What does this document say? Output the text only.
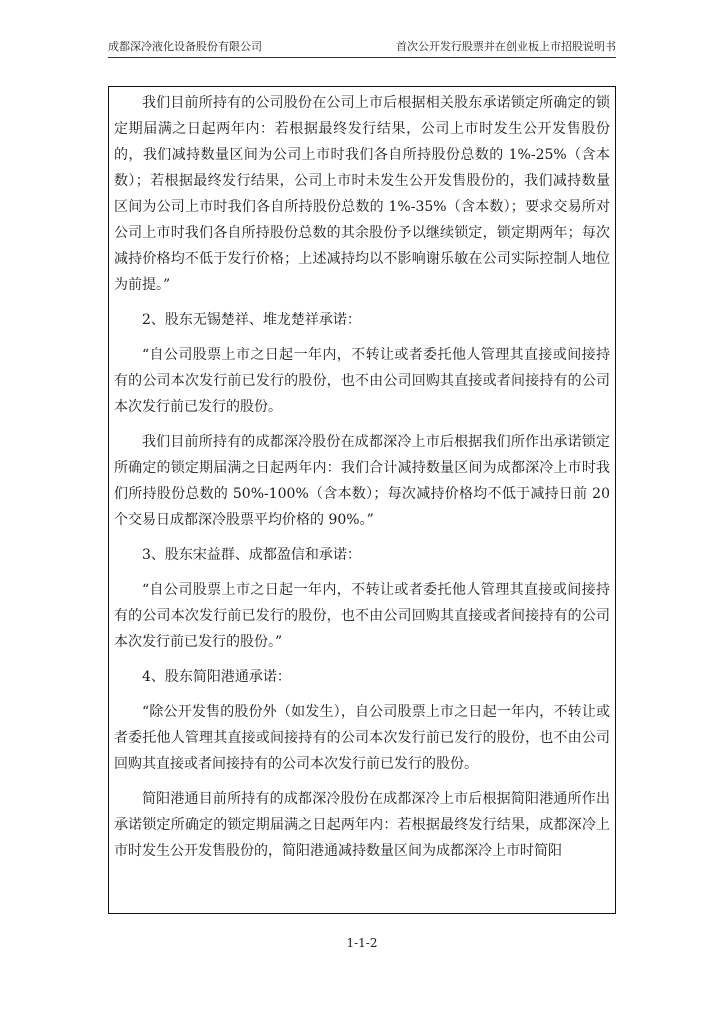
成都深冷液化设备股份有限公司	首次公开发行股票并在创业板上市招股说明书

我们目前所持有的公司股份在公司上市后根据相关股东承诺锁定所确定的锁定期届满之日起两年内：若根据最终发行结果，公司上市时发生公开发售股份的，我们减持数量区间为公司上市时我们各自所持股份总数的 1%-25%（含本数）；若根据最终发行结果，公司上市时未发生公开发售股份的，我们减持数量区间为公司上市时我们各自所持股份总数的 1%-35%（含本数）；要求交易所对公司上市时我们各自所持股份总数的其余股份予以继续锁定，锁定期两年；每次减持价格均不低于发行价格；上述减持均以不影响谢乐敏在公司实际控制人地位为前提。”

2、股东无锡楚祥、堆龙楚祥承诺：

“自公司股票上市之日起一年内，不转让或者委托他人管理其直接或间接持有的公司本次发行前已发行的股份，也不由公司回购其直接或者间接持有的公司本次发行前已发行的股份。

我们目前所持有的成都深冷股份在成都深冷上市后根据我们所作出承诺锁定所确定的锁定期届满之日起两年内：我们合计减持数量区间为成都深冷上市时我们所持股份总数的 50%-100%（含本数）；每次减持价格均不低于减持日前 20 个交易日成都深冷股票平均价格的 90%。”

3、股东宋益群、成都盈信和承诺：

“自公司股票上市之日起一年内，不转让或者委托他人管理其直接或间接持有的公司本次发行前已发行的股份，也不由公司回购其直接或者间接持有的公司本次发行前已发行的股份。”

4、股东简阳港通承诺：

“除公开发售的股份外（如发生），自公司股票上市之日起一年内，不转让或者委托他人管理其直接或间接持有的公司本次发行前已发行的股份，也不由公司回购其直接或者间接持有的公司本次发行前已发行的股份。

简阳港通目前所持有的成都深冷股份在成都深冷上市后根据简阳港通所作出承诺锁定所确定的锁定期届满之日起两年内：若根据最终发行结果，成都深冷上市时发生公开发售股份的，简阳港通减持数量区间为成都深冷上市时简阳

1-1-2
